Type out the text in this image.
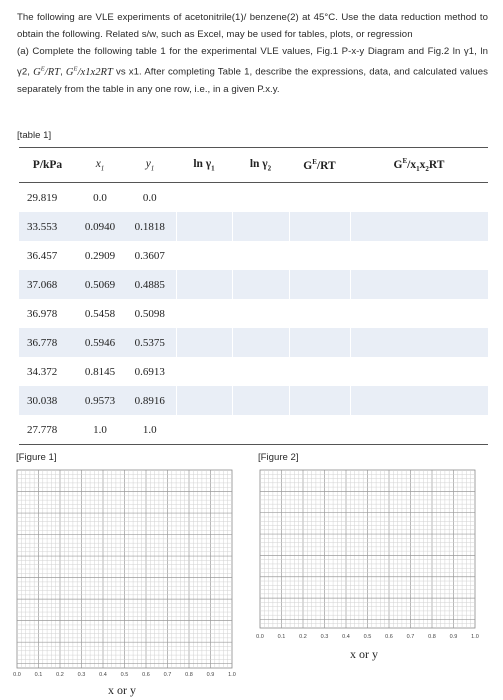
The following are VLE experiments of acetonitrile(1)/ benzene(2) at 45°C. Use the data reduction method to obtain the following. Related s/w, such as Excel, may be used for tables, plots, or regression
(a) Complete the following table 1 for the experimental VLE values, Fig.1 P-x-y Diagram and Fig.2 ln γ1, ln γ2, $G^E/RT$, $G^E/x1x2RT$ vs x1. After completing Table 1, describe the expressions, data, and calculated values separately from the table in any one row, i.e., in a given P.x.y.
[table 1]
P/kPa	$x_1$	$y_1$	$\ln \gamma_1$	$\ln \gamma_2$	$G^E/RT$	$G^E/x_1x_2RT$
29.819	0.0	0.0				
33.553	0.0940	0.1818				
36.457	0.2909	0.3607				
37.068	0.5069	0.4885				
36.978	0.5458	0.5098				
36.778	0.5946	0.5375				
34.372	0.8145	0.6913				
30.038	0.9573	0.8916				
27.778	1.0	1.0				
[Figure 1]	[Figure 2]
0.0	0.1	0.2	0.3	0.4	0.5	0.6	0.7	0.8	0.9	1.0
0.0	0.1	0.2	0.3	0.4	0.5	0.6	0.7	0.8	0.9	1.0
x or y
x or y
